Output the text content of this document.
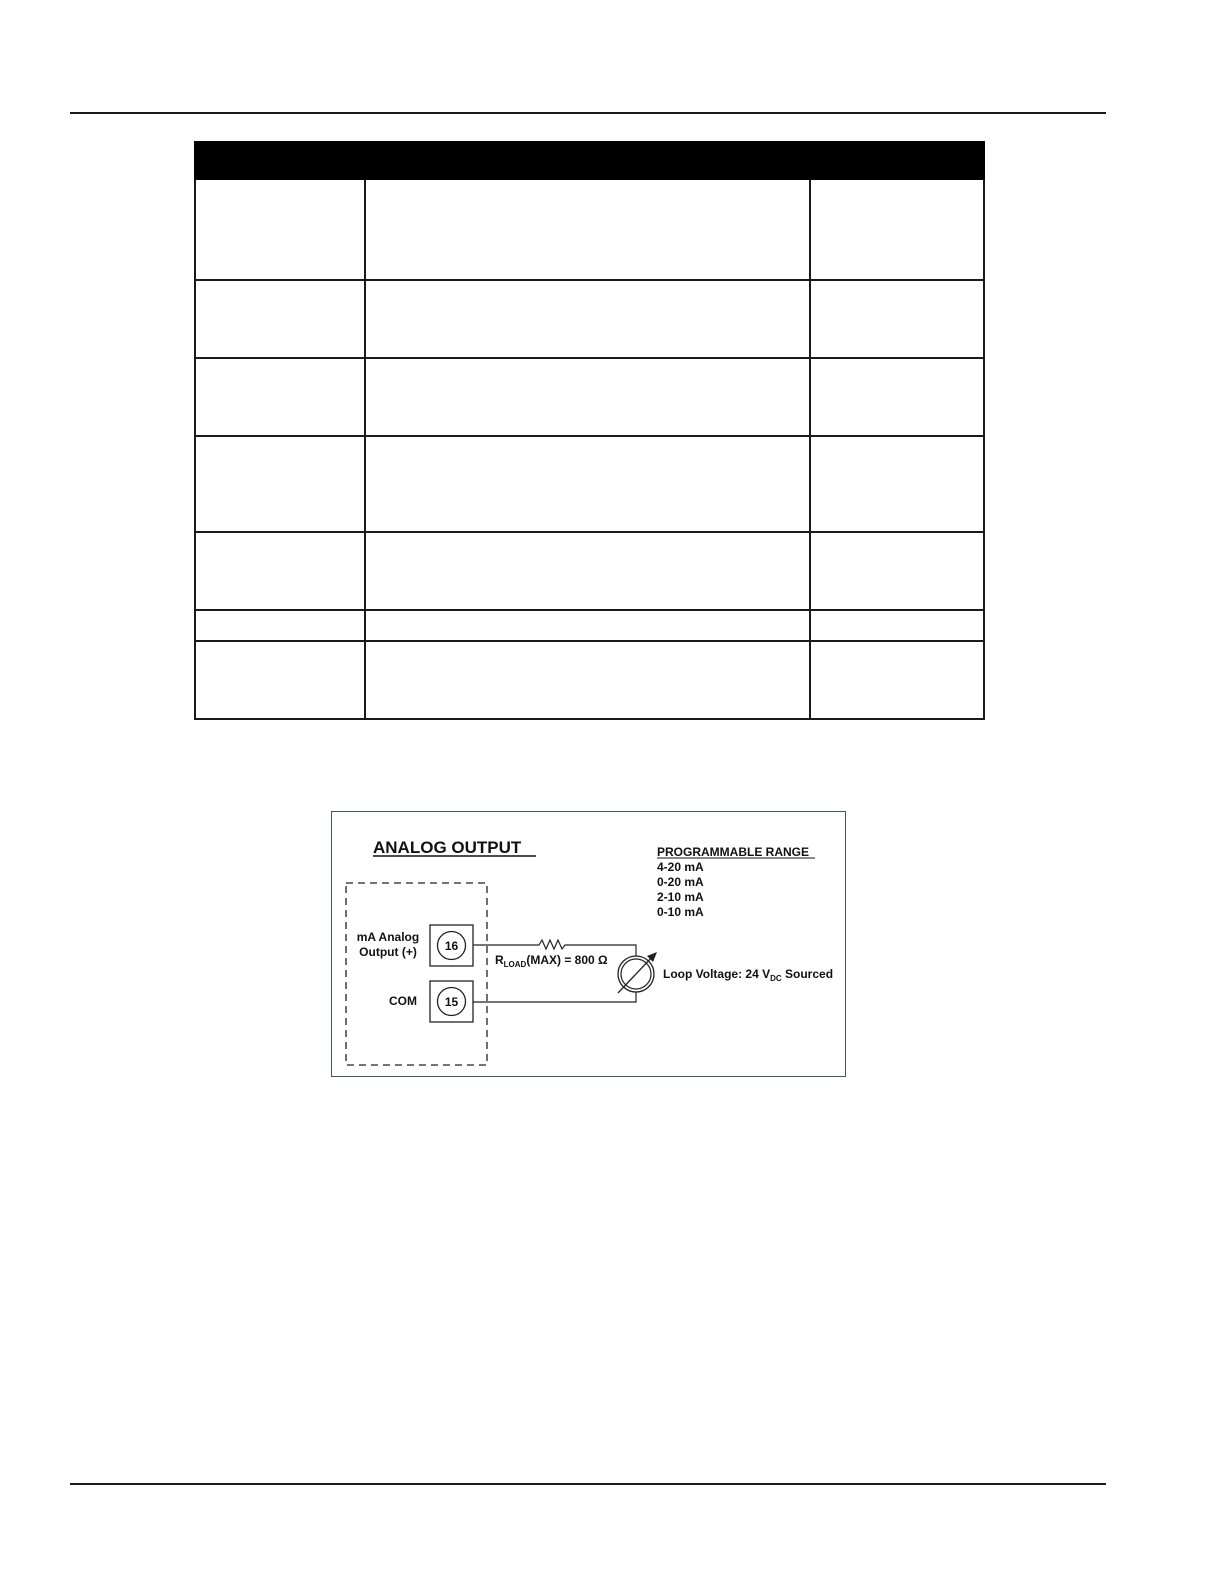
ANALOG OUTPUT	PROGRAMMABLE RANGE
4-20 mA
0-20 mA
2-10 mA
0-10 mA
mA Analog
Output (+)
COM
16
15
$R_{LOAD}(MAX) = 800$ Ω
Loop Voltage: 24 $V_{DC}$ Sourced
